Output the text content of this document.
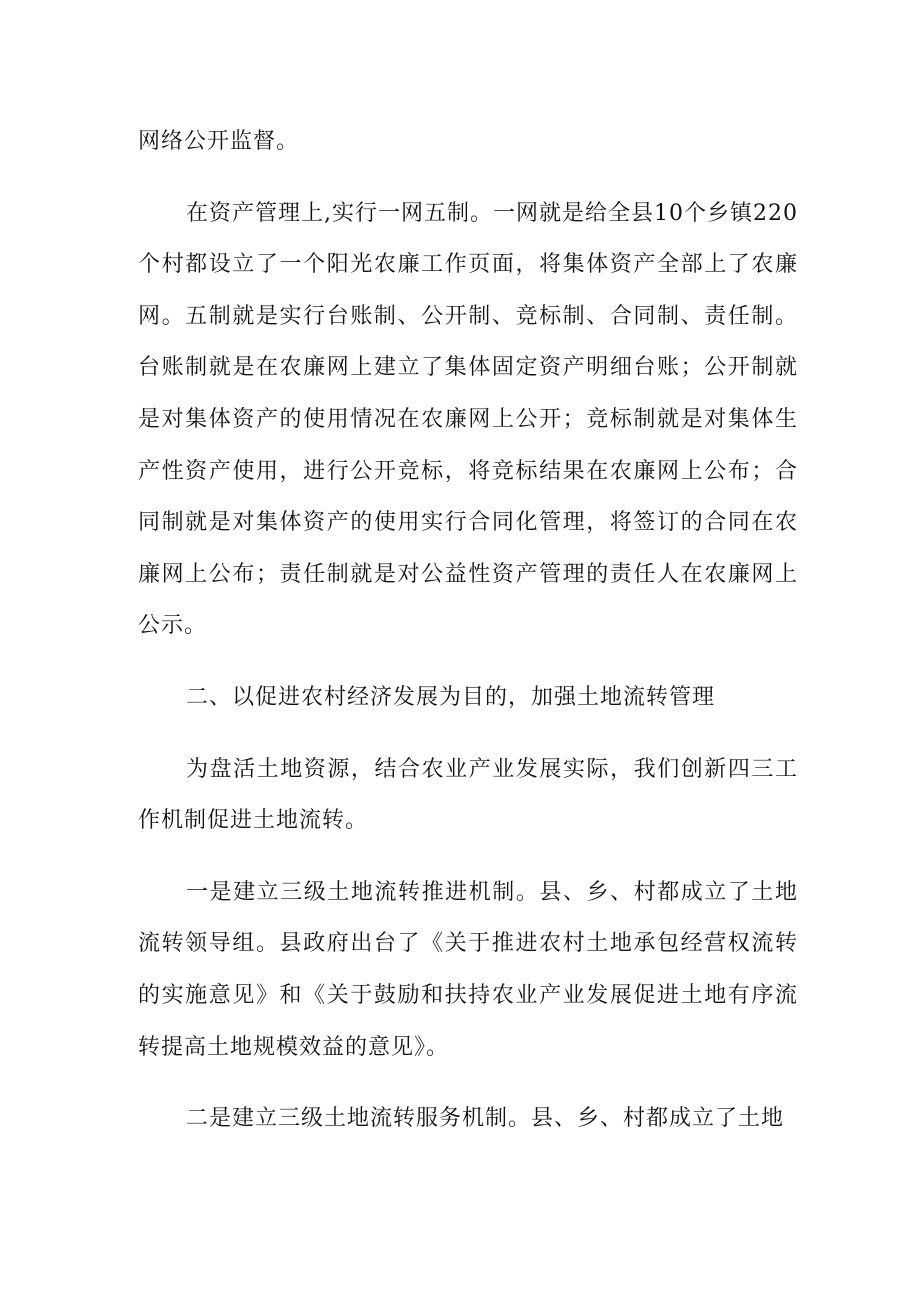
网络公开监督。

在资产管理上,实行一网五制。一网就是给全县10个乡镇220个村都设立了一个阳光农廉工作页面，将集体资产全部上了农廉网。五制就是实行台账制、公开制、竞标制、合同制、责任制。台账制就是在农廉网上建立了集体固定资产明细台账；公开制就是对集体资产的使用情况在农廉网上公开；竞标制就是对集体生产性资产使用，进行公开竞标，将竞标结果在农廉网上公布；合同制就是对集体资产的使用实行合同化管理，将签订的合同在农廉网上公布；责任制就是对公益性资产管理的责任人在农廉网上公示。

二、以促进农村经济发展为目的，加强土地流转管理

为盘活土地资源，结合农业产业发展实际，我们创新四三工作机制促进土地流转。

一是建立三级土地流转推进机制。县、乡、村都成立了土地流转领导组。县政府出台了《关于推进农村土地承包经营权流转的实施意见》和《关于鼓励和扶持农业产业发展促进土地有序流转提高土地规模效益的意见》。

二是建立三级土地流转服务机制。县、乡、村都成立了土地
